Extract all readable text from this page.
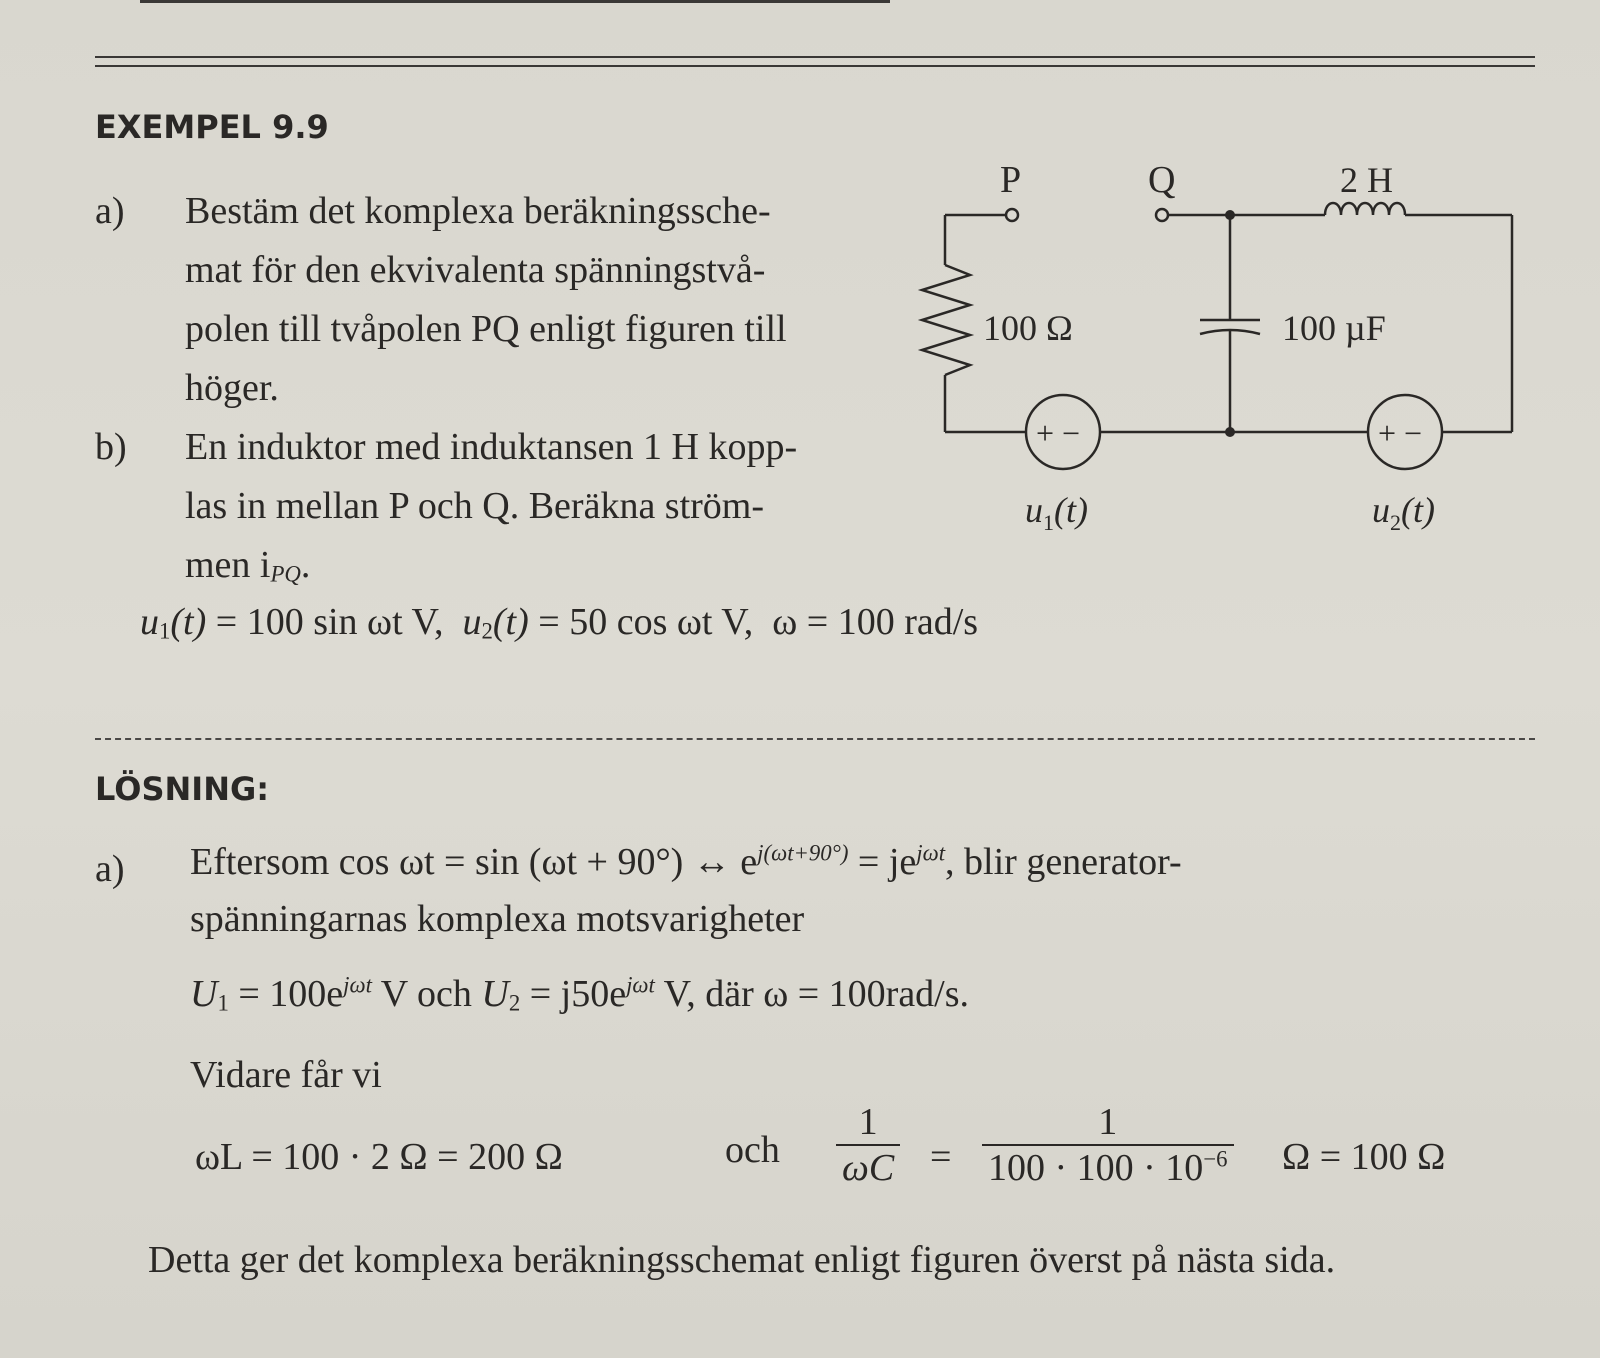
EXEMPEL 9.9
a) Bestäm det komplexa beräkningssche-
mat för den ekvivalenta spänningstvå-
polen till tvåpolen PQ enligt figuren till
höger.
b) En induktor med induktansen 1 H kopp-
las in mellan P och Q. Beräkna ström-
men $i_{PQ}$.
$u_1(t) = 100$ sin ωt V, $u_2(t) = 50$ cos ωt V, ω = 100 rad/s
P	Q	2 H
100 Ω	100 µF
+ −	+ −
$u_1(t)$	$u_2(t)$
LÖSNING:
a) Eftersom cos ωt = sin (ωt + 90°) ↔ $e^{j(\omega t+90^\circ)} = je^{j\omega t}$, blir generator-
spänningarnas komplexa motsvarigheter
$U_1 = 100e^{j\omega t}$ V och $U_2 = j50e^{j\omega t}$ V, där ω = 100rad/s.
Vidare får vi
ωL = 100 · 2 Ω = 200 Ω	och $\frac{1}{\omega C} = \frac{1}{100 \cdot 100 \cdot 10^{-6}}$ Ω = 100 Ω
Detta ger det komplexa beräkningsschemat enligt figuren överst på nästa sida.
